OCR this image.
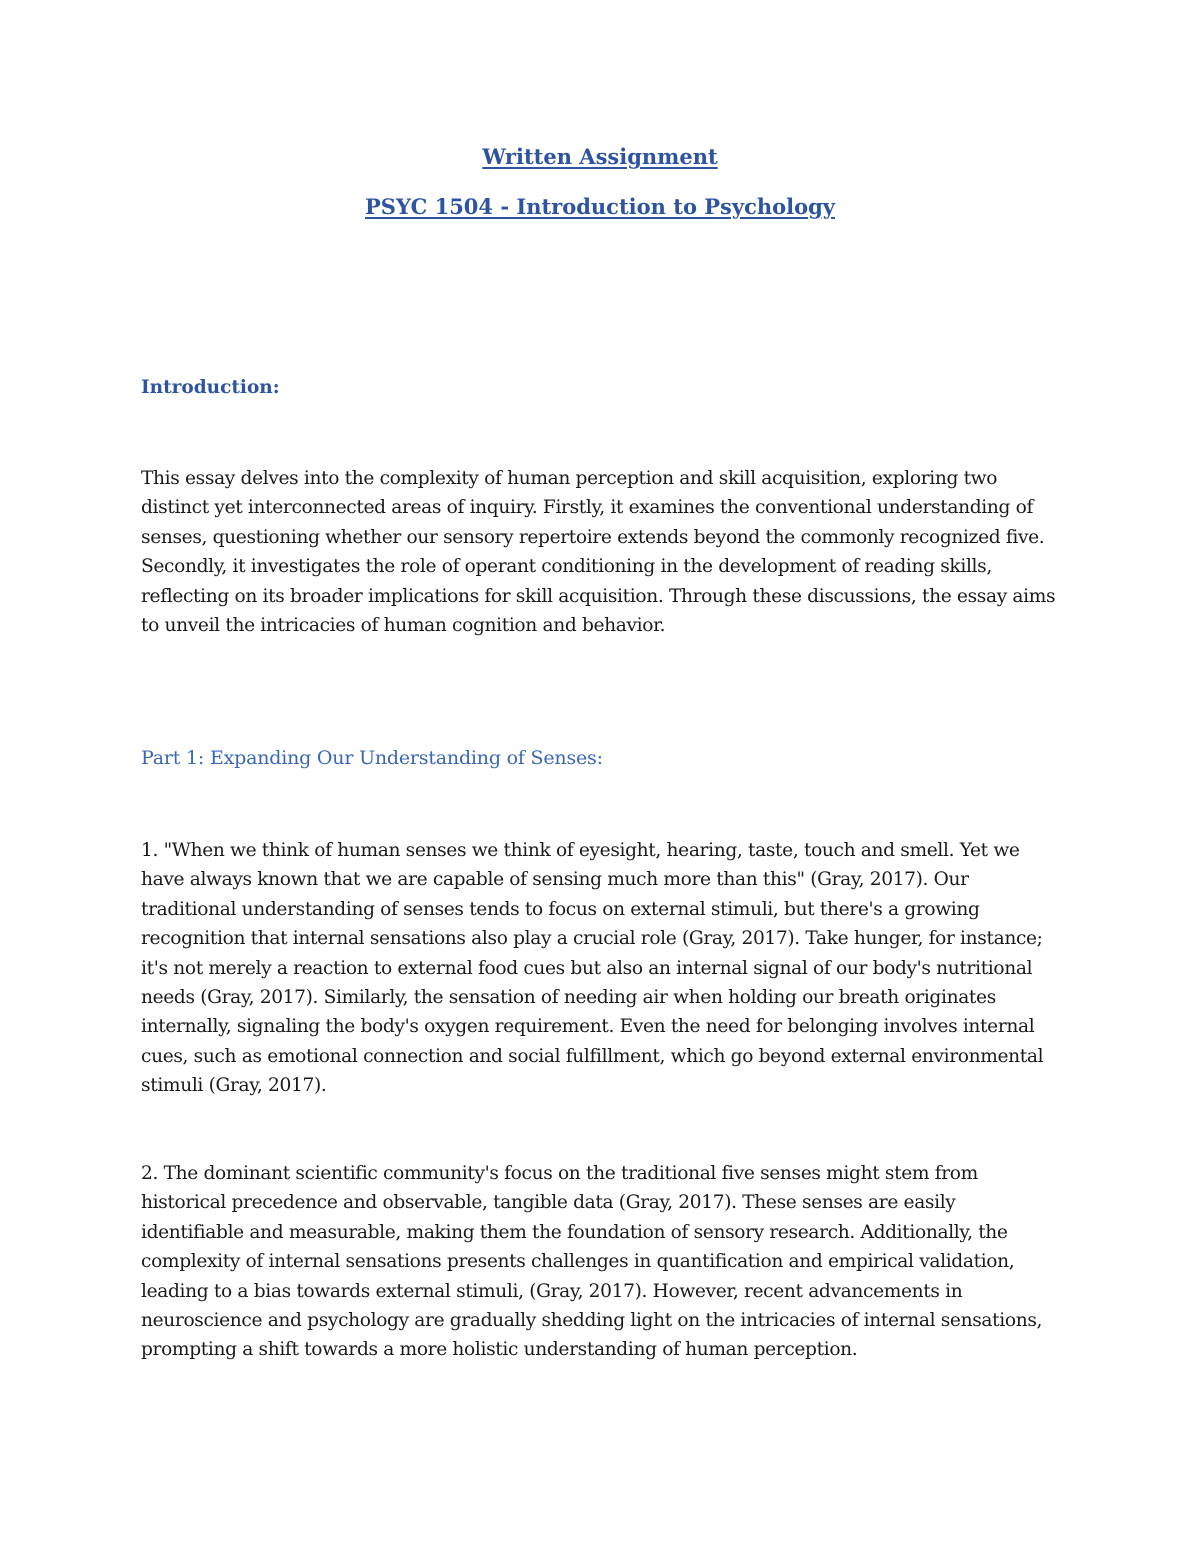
Written Assignment

PSYC 1504 - Introduction to Psychology

Introduction:

This essay delves into the complexity of human perception and skill acquisition, exploring two distinct yet interconnected areas of inquiry. Firstly, it examines the conventional understanding of senses, questioning whether our sensory repertoire extends beyond the commonly recognized five. Secondly, it investigates the role of operant conditioning in the development of reading skills, reflecting on its broader implications for skill acquisition. Through these discussions, the essay aims to unveil the intricacies of human cognition and behavior.

Part 1: Expanding Our Understanding of Senses:

1. "When we think of human senses we think of eyesight, hearing, taste, touch and smell. Yet we have always known that we are capable of sensing much more than this" (Gray, 2017). Our traditional understanding of senses tends to focus on external stimuli, but there's a growing recognition that internal sensations also play a crucial role (Gray, 2017). Take hunger, for instance; it's not merely a reaction to external food cues but also an internal signal of our body's nutritional needs (Gray, 2017). Similarly, the sensation of needing air when holding our breath originates internally, signaling the body's oxygen requirement. Even the need for belonging involves internal cues, such as emotional connection and social fulfillment, which go beyond external environmental stimuli (Gray, 2017).

2. The dominant scientific community's focus on the traditional five senses might stem from historical precedence and observable, tangible data (Gray, 2017). These senses are easily identifiable and measurable, making them the foundation of sensory research. Additionally, the complexity of internal sensations presents challenges in quantification and empirical validation, leading to a bias towards external stimuli, (Gray, 2017). However, recent advancements in neuroscience and psychology are gradually shedding light on the intricacies of internal sensations, prompting a shift towards a more holistic understanding of human perception.
